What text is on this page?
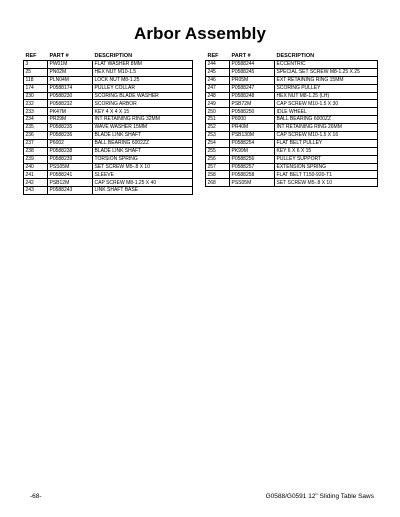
Arbor Assembly
REF	PART #	DESCRIPTION
3	PW01M	FLAT WASHER 8MM
25	PN02M	HEX NUT M10-1.5
118	PLN04M	LOCK NUT M8-1.25
174	P0588174	PULLEY COLLAR
230	P0588230	SCORING BLADE WASHER
232	P0588232	SCORING ARBOR
233	PK47M	KEY 4 X 4 X 15
234	PR29M	INT RETAINING RING 32MM
235	P0588235	WAVE WASHER 15MM
236	P0588236	BLADE LINK SHAFT
237	P6002	BALL BEARING 6002ZZ
238	P0588238	BLADE LINK SHAFT
239	P0588239	TORSION SPRING
240	PSS05M	SET SCREW M5-.8 X 10
241	P0588241	SLEEVE
242	PSB12M	CAP SCREW M8-1.25 X 40
243	P0588243	LINK SHAFT BASE
REF	PART #	DESCRIPTION
244	P0588244	ECCENTRIC
245	P0588245	SPECIAL SET SCREW M8-1.25 X 25
246	PR05M	EXT RETAINING RING 15MM
247	P0588247	SCORING PULLEY
248	P0588248	HEX NUT M8-1.25 (LH)
249	PSB72M	CAP SCREW M10-1.5 X 30
250	P0588250	IDLE WHEEL
251	P6000	BALL BEARING 6000ZZ
252	PR40M	INT RETAINING RING 26MM
253	PSB130M	CAP SCREW M10-1.5 X 16
254	P0588254	FLAT BELT PULLEY
255	PK99M	KEY 6 X 6 X 15
256	P0588256	PULLEY SUPPORT
257	P0588257	EXTENSION SPRING
258	P0588258	FLAT BELT T150-920-T1
268	PSS05M	SET SCREW M5-.8 X 10
-68-	G0588/G0591 12" Sliding Table Saws
